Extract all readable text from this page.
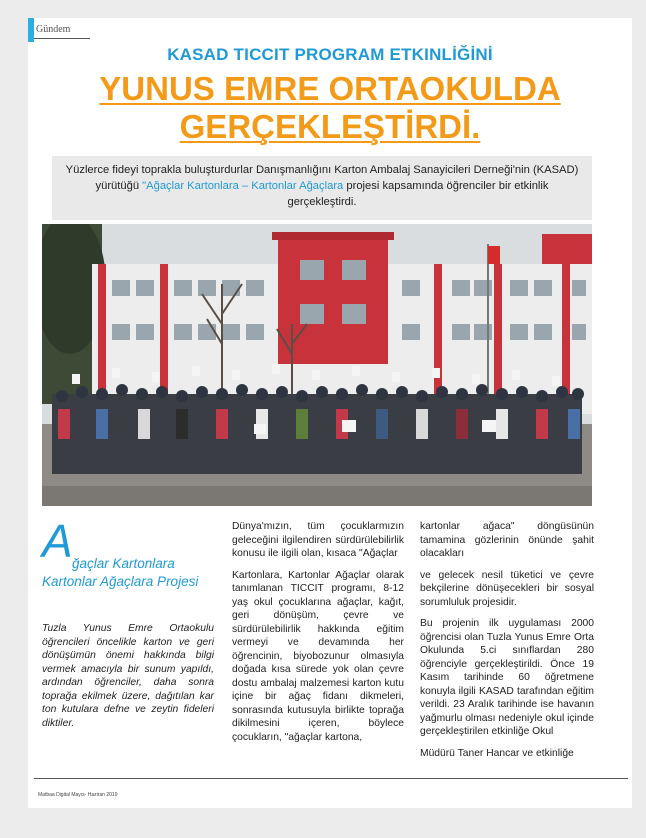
Gündem
KASAD TICCIT PROGRAM ETKINLİĞİNİ
YUNUS EMRE ORTAOKULDA
GERÇEKLEŞTİRDİ.
Yüzlerce fideyi toprakla buluşturdurlar Danışmanlığını Karton Ambalaj Sanayicileri Derneği'nin (KASAD) yürütüğü "Ağaçlar Kartonlara – Kartonlar Ağaçlara projesi kapsamında öğrenciler bir etkinlik gerçekleştirdi.
A ğaçlar Kartonlara
Kartonlar Ağaçlara Projesi

Tuzla Yunus Emre Ortaokulu öğrencileri öncelikle karton ve geri dönüşümün önemi hakkında bilgi vermek amacıyla bir sunum yapıldı, ardından öğrenciler, daha sonra toprağa ekilmek üzere, dağıtılan kar ton kutulara defne ve zeytin fideleri diktiler.

Dünya'mızın, tüm çocuklarmızın geleceğini ilgilendiren sürdürülebilirlik konusu ile ilgili olan, kısaca "Ağaçlar

Kartonlara, Kartonlar Ağaçlar olarak tanımlanan TICCIT programı, 8-12 yaş okul çocuklarına ağaçlar, kağıt, geri dönüşüm, çevre ve sürdürülebilirlik hakkında eğitim vermeyi ve devamında her öğrencinin, biyobozunur olmasıyla doğada kısa sürede yok olan çevre dostu ambalaj malzemesi karton kutu içine bir ağaç fidanı dikmeleri, sonrasında kutusuyla birlikte toprağa dikilmesini içeren, böylece çocukların, "ağaçlar kartona,

kartonlar ağaca" döngüsünün tamamina gözlerinin önünde şahit olacakları

ve gelecek nesil tüketici ve çevre bekçilerine dönüşecekleri bir sosyal sorumluluk projesidir.

Bu projenin ilk uygulaması 2000 öğrencisi olan Tuzla Yunus Emre Orta Okulunda 5.ci sınıflardan 280 öğrenciyle gerçekleştirildi. Önce 19 Kasım tarihinde 60 öğretmene konuyla ilgili KASAD tarafından eğitim verildi. 23 Aralık tarihinde ise havanın yağmurlu olması nedeniyle okul içinde gerçekleştirilen etkinliğe Okul

Müdürü Taner Hancar ve etkinliğe

Matbaa Digital Mayıs- Haziran 2019
